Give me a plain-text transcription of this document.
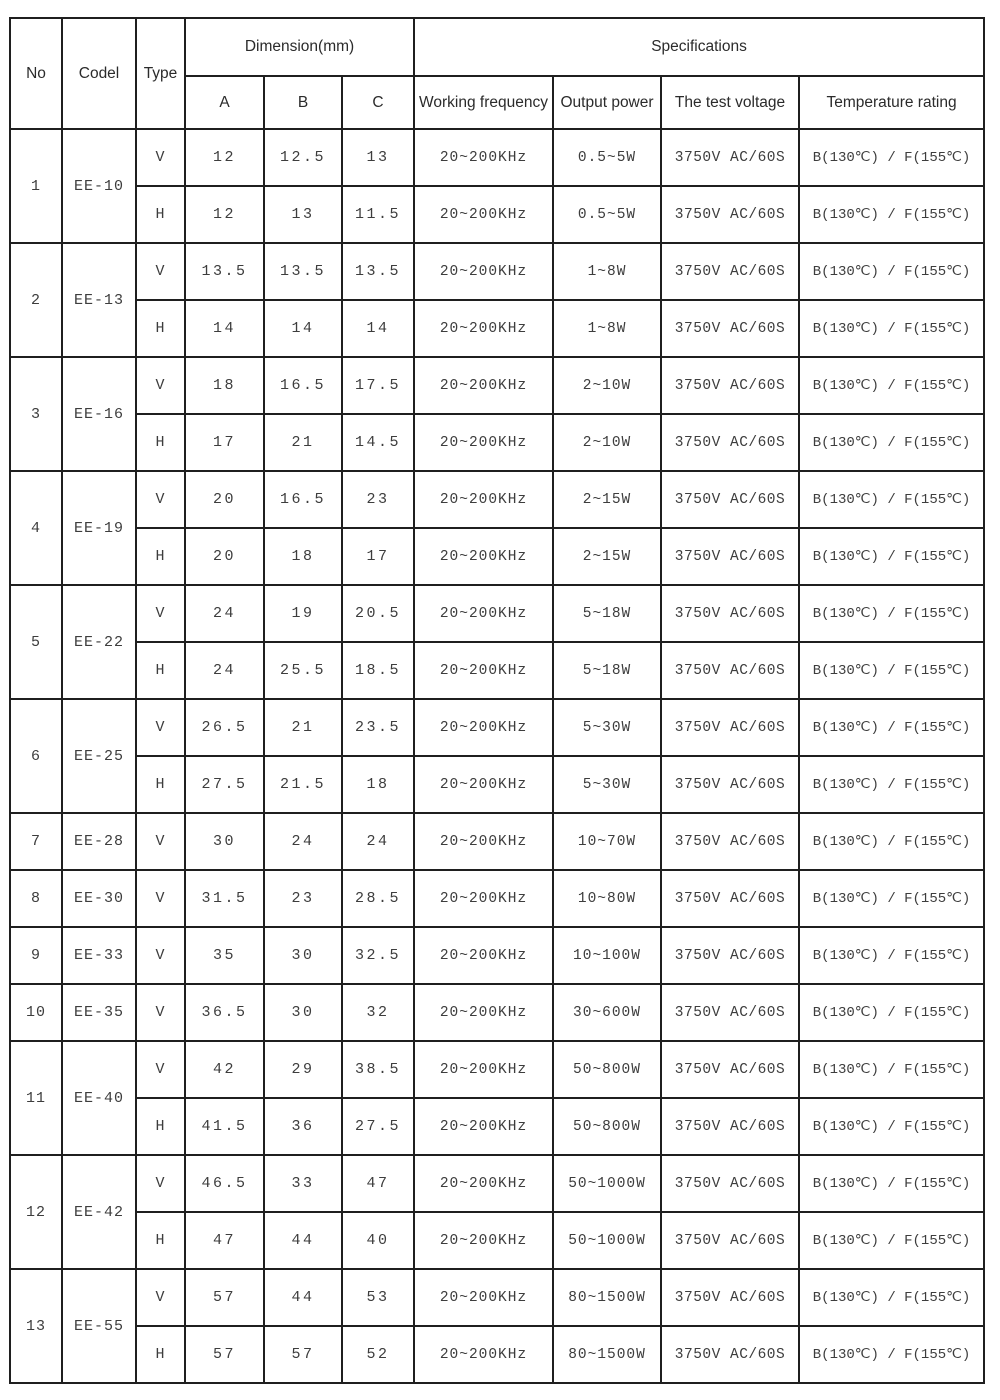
No	Codel	Type	Dimension(mm)			Specifications			
			A	B	C	Working frequency	Output power	The test voltage	Temperature rating
1	EE-10	V	12	12.5	13	20~200KHz	0.5~5W	3750V AC/60S	B(130℃) / F(155℃)
		H	12	13	11.5	20~200KHz	0.5~5W	3750V AC/60S	B(130℃) / F(155℃)
2	EE-13	V	13.5	13.5	13.5	20~200KHz	1~8W	3750V AC/60S	B(130℃) / F(155℃)
		H	14	14	14	20~200KHz	1~8W	3750V AC/60S	B(130℃) / F(155℃)
3	EE-16	V	18	16.5	17.5	20~200KHz	2~10W	3750V AC/60S	B(130℃) / F(155℃)
		H	17	21	14.5	20~200KHz	2~10W	3750V AC/60S	B(130℃) / F(155℃)
4	EE-19	V	20	16.5	23	20~200KHz	2~15W	3750V AC/60S	B(130℃) / F(155℃)
		H	20	18	17	20~200KHz	2~15W	3750V AC/60S	B(130℃) / F(155℃)
5	EE-22	V	24	19	20.5	20~200KHz	5~18W	3750V AC/60S	B(130℃) / F(155℃)
		H	24	25.5	18.5	20~200KHz	5~18W	3750V AC/60S	B(130℃) / F(155℃)
6	EE-25	V	26.5	21	23.5	20~200KHz	5~30W	3750V AC/60S	B(130℃) / F(155℃)
		H	27.5	21.5	18	20~200KHz	5~30W	3750V AC/60S	B(130℃) / F(155℃)
7	EE-28	V	30	24	24	20~200KHz	10~70W	3750V AC/60S	B(130℃) / F(155℃)
8	EE-30	V	31.5	23	28.5	20~200KHz	10~80W	3750V AC/60S	B(130℃) / F(155℃)
9	EE-33	V	35	30	32.5	20~200KHz	10~100W	3750V AC/60S	B(130℃) / F(155℃)
10	EE-35	V	36.5	30	32	20~200KHz	30~600W	3750V AC/60S	B(130℃) / F(155℃)
11	EE-40	V	42	29	38.5	20~200KHz	50~800W	3750V AC/60S	B(130℃) / F(155℃)
		H	41.5	36	27.5	20~200KHz	50~800W	3750V AC/60S	B(130℃) / F(155℃)
12	EE-42	V	46.5	33	47	20~200KHz	50~1000W	3750V AC/60S	B(130℃) / F(155℃)
		H	47	44	40	20~200KHz	50~1000W	3750V AC/60S	B(130℃) / F(155℃)
13	EE-55	V	57	44	53	20~200KHz	80~1500W	3750V AC/60S	B(130℃) / F(155℃)
		H	57	57	52	20~200KHz	80~1500W	3750V AC/60S	B(130℃) / F(155℃)
